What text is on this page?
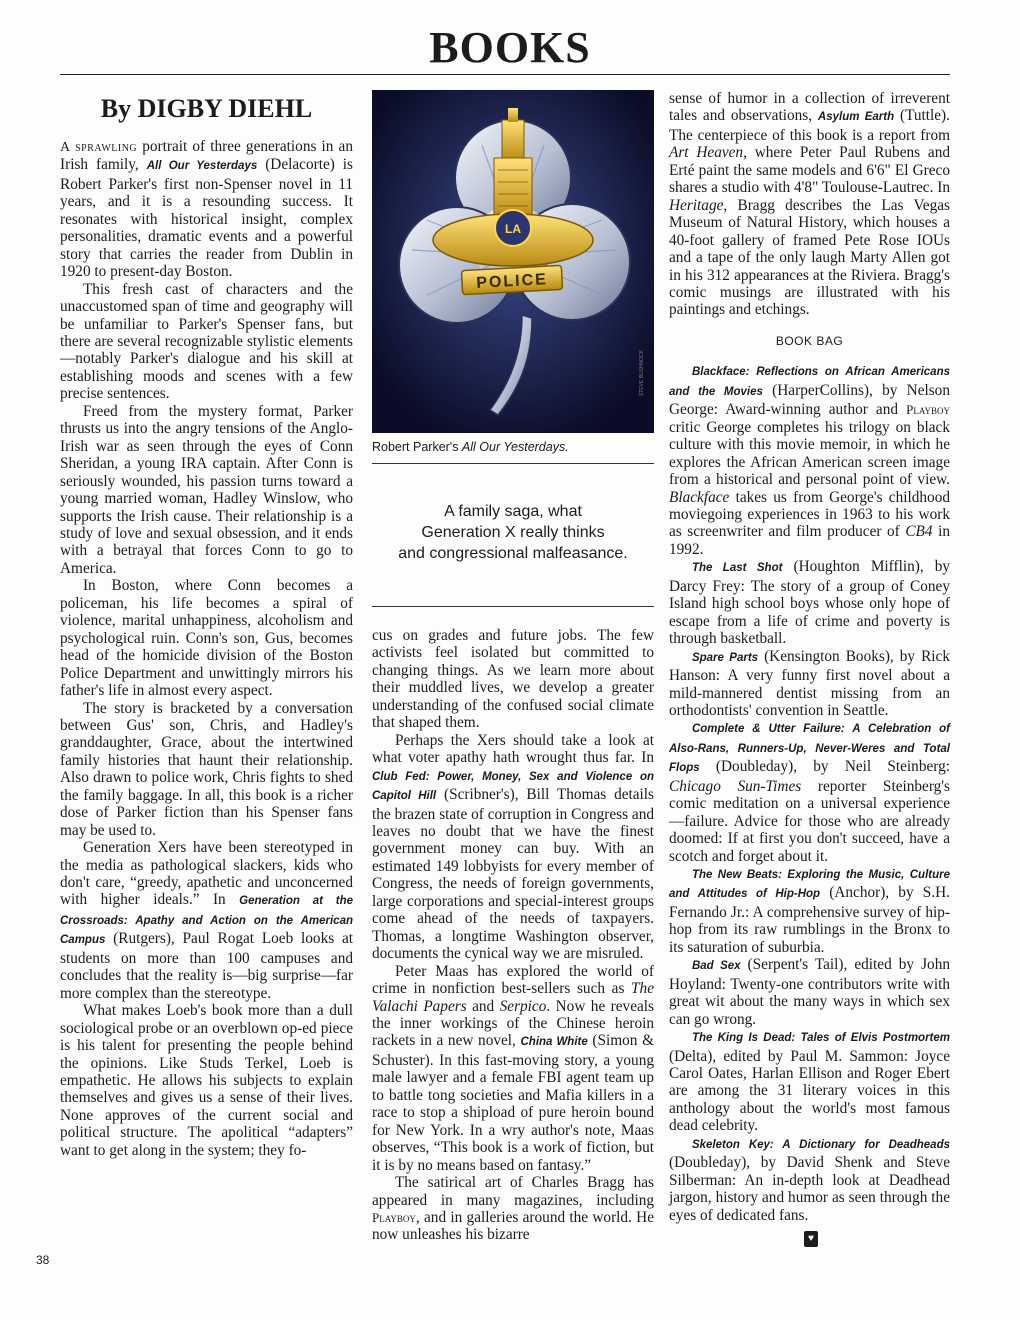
BOOKS
By DIGBY DIEHL

A sprawling portrait of three generations in an Irish family, All Our Yesterdays (Delacorte) is Robert Parker's first non-Spenser novel in 11 years, and it is a resounding success. It resonates with historical insight, complex personalities, dramatic events and a powerful story that carries the reader from Dublin in 1920 to present-day Boston.

This fresh cast of characters and the unaccustomed span of time and geography will be unfamiliar to Parker's Spenser fans, but there are several recognizable stylistic elements—notably Parker's dialogue and his skill at establishing moods and scenes with a few precise sentences.

Freed from the mystery format, Parker thrusts us into the angry tensions of the Anglo-Irish war as seen through the eyes of Conn Sheridan, a young IRA captain. After Conn is seriously wounded, his passion turns toward a young married woman, Hadley Winslow, who supports the Irish cause. Their relationship is a study of love and sexual obsession, and it ends with a betrayal that forces Conn to go to America.

In Boston, where Conn becomes a policeman, his life becomes a spiral of violence, marital unhappiness, alcoholism and psychological ruin. Conn's son, Gus, becomes head of the homicide division of the Boston Police Department and unwittingly mirrors his father's life in almost every aspect.

The story is bracketed by a conversation between Gus' son, Chris, and Hadley's granddaughter, Grace, about the intertwined family histories that haunt their relationship. Also drawn to police work, Chris fights to shed the family baggage. In all, this book is a richer dose of Parker fiction than his Spenser fans may be used to.

Generation Xers have been stereotyped in the media as pathological slackers, kids who don't care, “greedy, apathetic and unconcerned with higher ideals.” In Generation at the Crossroads: Apathy and Action on the American Campus (Rutgers), Paul Rogat Loeb looks at students on more than 100 campuses and concludes that the reality is—big surprise—far more complex than the stereotype.

What makes Loeb's book more than a dull sociological probe or an overblown op-ed piece is his talent for presenting the people behind the opinions. Like Studs Terkel, Loeb is empathetic. He allows his subjects to explain themselves and gives us a sense of their lives. None approves of the current social and political structure. The apolitical “adapters” want to get along in the system; they fo-

LA
POLICE
STEVE BUSHNOCK
Robert Parker's All Our Yesterdays.
A family saga, what
Generation X really thinks
and congressional malfeasance.

cus on grades and future jobs. The few activists feel isolated but committed to changing things. As we learn more about their muddled lives, we develop a greater understanding of the confused social climate that shaped them.

Perhaps the Xers should take a look at what voter apathy hath wrought thus far. In Club Fed: Power, Money, Sex and Violence on Capitol Hill (Scribner's), Bill Thomas details the brazen state of corruption in Congress and leaves no doubt that we have the finest government money can buy. With an estimated 149 lobbyists for every member of Congress, the needs of foreign governments, large corporations and special-interest groups come ahead of the needs of taxpayers. Thomas, a longtime Washington observer, documents the cynical way we are misruled.

Peter Maas has explored the world of crime in nonfiction best-sellers such as The Valachi Papers and Serpico. Now he reveals the inner workings of the Chinese heroin rackets in a new novel, China White (Simon & Schuster). In this fast-moving story, a young male lawyer and a female FBI agent team up to battle tong societies and Mafia killers in a race to stop a shipload of pure heroin bound for New York. In a wry author's note, Maas observes, “This book is a work of fiction, but it is by no means based on fantasy.”

The satirical art of Charles Bragg has appeared in many magazines, including Playboy, and in galleries around the world. He now unleashes his bizarre

sense of humor in a collection of irreverent tales and observations, Asylum Earth (Tuttle). The centerpiece of this book is a report from Art Heaven, where Peter Paul Rubens and Erté paint the same models and 6'6" El Greco shares a studio with 4'8" Toulouse-Lautrec. In Heritage, Bragg describes the Las Vegas Museum of Natural History, which houses a 40-foot gallery of framed Pete Rose IOUs and a tape of the only laugh Marty Allen got in his 312 appearances at the Riviera. Bragg's comic musings are illustrated with his paintings and etchings.

BOOK BAG

Blackface: Reflections on African Americans and the Movies (HarperCollins), by Nelson George: Award-winning author and Playboy critic George completes his trilogy on black culture with this movie memoir, in which he explores the African American screen image from a historical and personal point of view. Blackface takes us from George's childhood moviegoing experiences in 1963 to his work as screenwriter and film producer of CB4 in 1992.

The Last Shot (Houghton Mifflin), by Darcy Frey: The story of a group of Coney Island high school boys whose only hope of escape from a life of crime and poverty is through basketball.

Spare Parts (Kensington Books), by Rick Hanson: A very funny first novel about a mild-mannered dentist missing from an orthodontists' convention in Seattle.

Complete & Utter Failure: A Celebration of Also-Rans, Runners-Up, Never-Weres and Total Flops (Doubleday), by Neil Steinberg: Chicago Sun-Times reporter Steinberg's comic meditation on a universal experience—failure. Advice for those who are already doomed: If at first you don't succeed, have a scotch and forget about it.

The New Beats: Exploring the Music, Culture and Attitudes of Hip-Hop (Anchor), by S.H. Fernando Jr.: A comprehensive survey of hip-hop from its raw rumblings in the Bronx to its saturation of suburbia.

Bad Sex (Serpent's Tail), edited by John Hoyland: Twenty-one contributors write with great wit about the many ways in which sex can go wrong.

The King Is Dead: Tales of Elvis Postmortem (Delta), edited by Paul M. Sammon: Joyce Carol Oates, Harlan Ellison and Roger Ebert are among the 31 literary voices in this anthology about the world's most famous dead celebrity.

Skeleton Key: A Dictionary for Deadheads (Doubleday), by David Shenk and Steve Silberman: An in-depth look at Deadhead jargon, history and humor as seen through the eyes of dedicated fans.

♥
38
